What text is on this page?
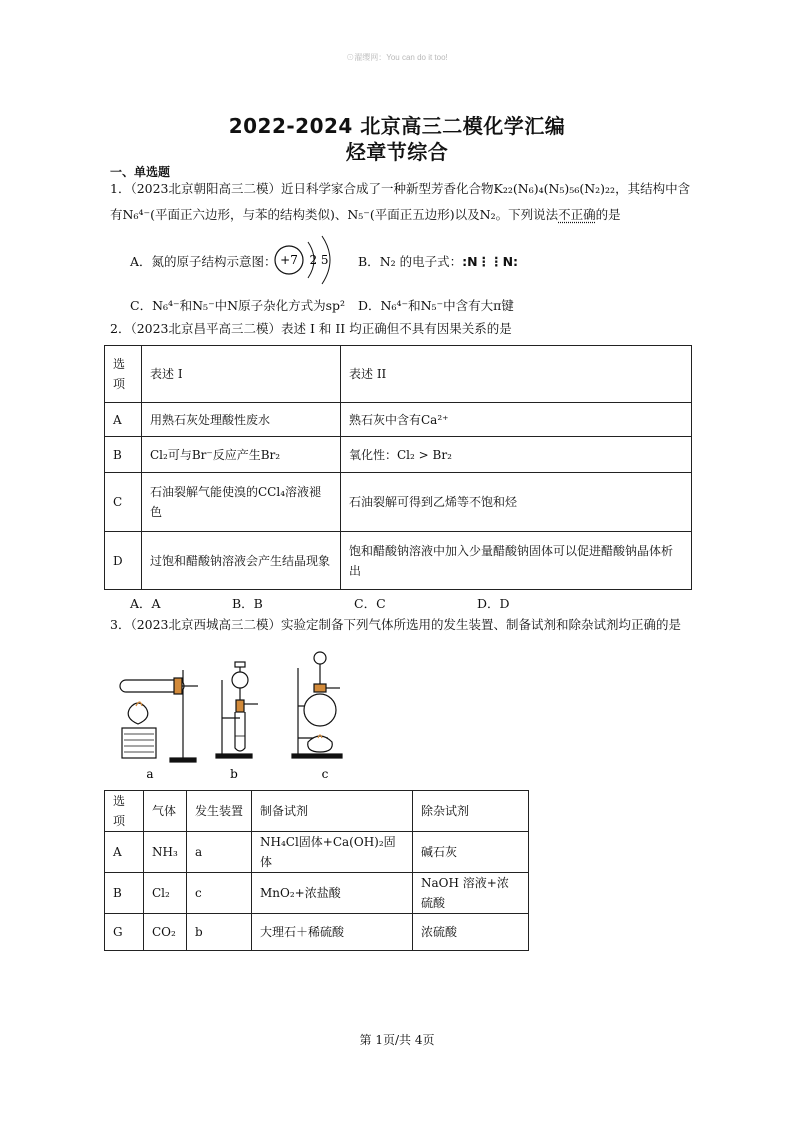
⊙濯缨网：You can do it too!
2022-2024 北京高三二模化学汇编
烃章节综合
一、单选题
1．（2023北京朝阳高三二模）近日科学家合成了一种新型芳香化合物K₂₂(N₆)₄(N₅)₅₆(N₂)₂₂，其结构中含
有N₆⁴⁻(平面正六边形，与苯的结构类似)、N₅⁻(平面正五边形)以及N₂。下列说法不正确的是
A．氮的原子结构示意图： +7 2 5 B．N₂ 的电子式：:N⋮⋮N:
C．N₆⁴⁻和N₅⁻中N原子杂化方式为sp² D．N₆⁴⁻和N₅⁻中含有大π键
2．（2023北京昌平高三二模）表述 I 和 II 均正确但不具有因果关系的是
选项	表述 I	表述 II
A	用熟石灰处理酸性废水	熟石灰中含有Ca²⁺
B	Cl₂可与Br⁻反应产生Br₂	氧化性：Cl₂ > Br₂
C	石油裂解气能使溴的CCl₄溶液褪色	石油裂解可得到乙烯等不饱和烃
D	过饱和醋酸钠溶液会产生结晶现象	饱和醋酸钠溶液中加入少量醋酸钠固体可以促进醋酸钠晶体析出
A．A	B．B	C．C	D．D
3．（2023北京西城高三二模）实验定制备下列气体所选用的发生装置、制备试剂和除杂试剂均正确的是
a	b	c
选项	气体	发生装置	制备试剂	除杂试剂
A	NH₃	a	NH₄Cl固体+Ca(OH)₂固体	碱石灰
B	Cl₂	c	MnO₂+浓盐酸	NaOH 溶液+浓硫酸
G	CO₂	b	大理石＋稀硫酸	浓硫酸
第 1页/共 4页
